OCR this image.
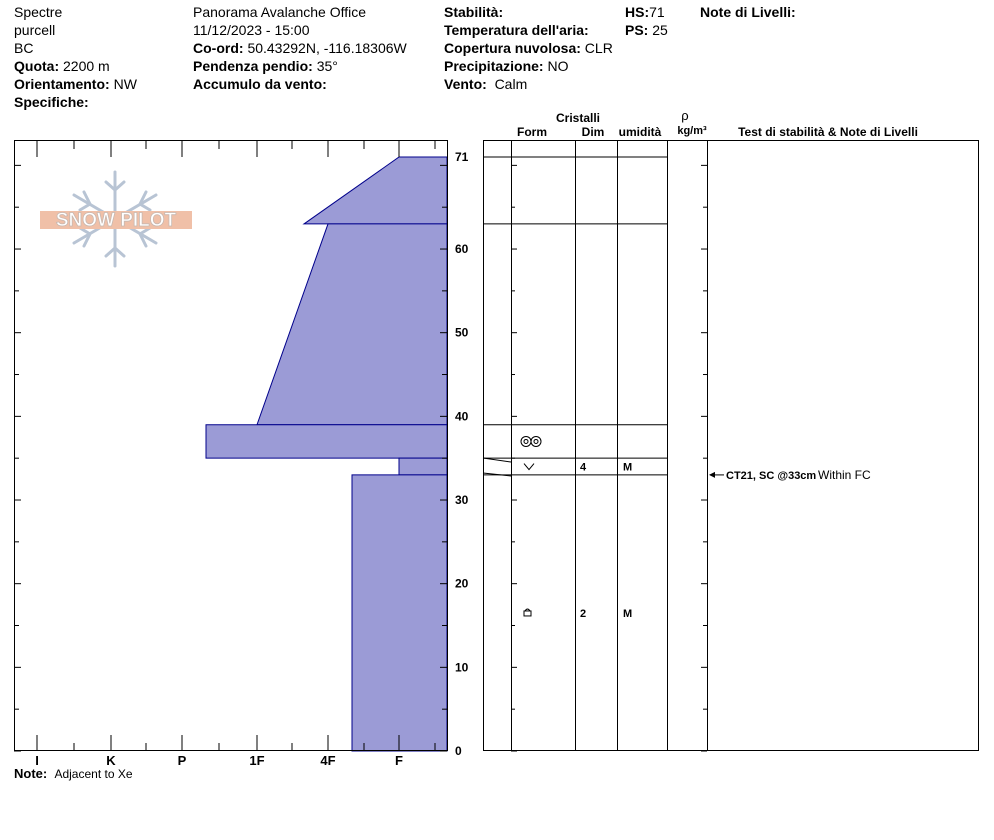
Spectre
purcell
BC
Quota: 2200 m
Orientamento: NW
Specifiche:
Panorama Avalanche Office
11/12/2023 - 15:00
Co-ord: 50.43292N, -116.18306W
Pendenza pendio: 35°
Accumulo da vento:
Stabilità:
Temperatura dell'aria:
Copertura nuvolosa: CLR
Precipitazione: NO
Vento: Calm
HS:71
PS: 25
Note di Livelli:
SNOW PILOT
0
10
20
30
40
50
60
71
I	K	P	1F	4F	F
Cristalli
Form	Dim umidità
ρ
kg/m³	Test di stabilità & Note di Livelli
4	M
2	M
CT21, SC @33cm Within FC
Note: Adjacent to Xe
